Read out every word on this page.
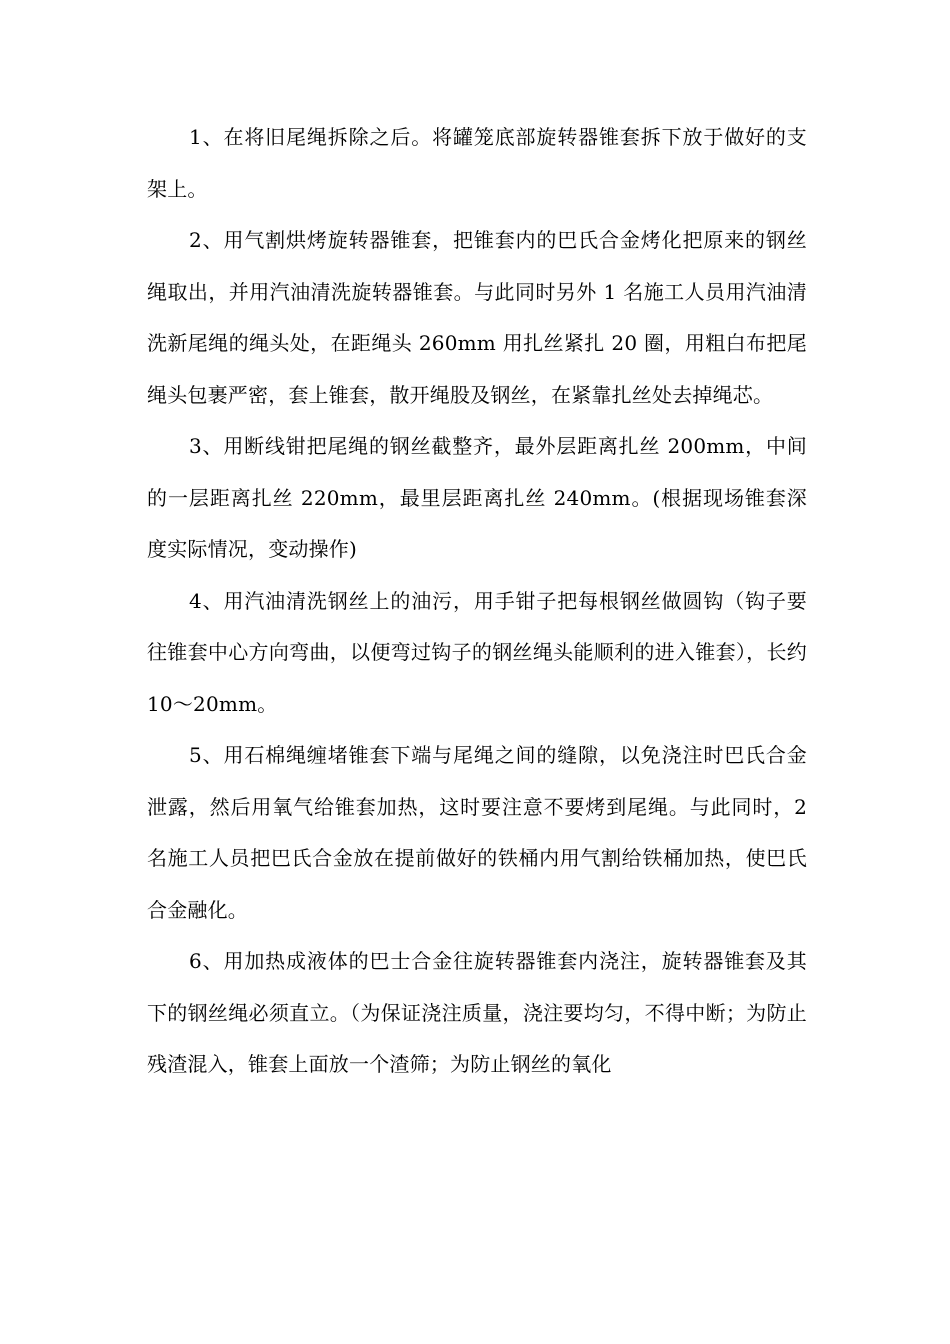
1、在将旧尾绳拆除之后。将罐笼底部旋转器锥套拆下放于做好的支架上。

2、用气割烘烤旋转器锥套，把锥套内的巴氏合金烤化把原来的钢丝绳取出，并用汽油清洗旋转器锥套。与此同时另外 1 名施工人员用汽油清洗新尾绳的绳头处，在距绳头 260mm 用扎丝紧扎 20 圈，用粗白布把尾绳头包裹严密，套上锥套，散开绳股及钢丝，在紧靠扎丝处去掉绳芯。

3、用断线钳把尾绳的钢丝截整齐，最外层距离扎丝 200mm，中间的一层距离扎丝 220mm，最里层距离扎丝 240mm。(根据现场锥套深度实际情况，变动操作)

4、用汽油清洗钢丝上的油污，用手钳子把每根钢丝做圆钩（钩子要往锥套中心方向弯曲，以便弯过钩子的钢丝绳头能顺利的进入锥套），长约 10～20mm。

5、用石棉绳缠堵锥套下端与尾绳之间的缝隙，以免浇注时巴氏合金泄露，然后用氧气给锥套加热，这时要注意不要烤到尾绳。与此同时，2 名施工人员把巴氏合金放在提前做好的铁桶内用气割给铁桶加热，使巴氏合金融化。

6、用加热成液体的巴士合金往旋转器锥套内浇注，旋转器锥套及其下的钢丝绳必须直立。（为保证浇注质量，浇注要均匀，不得中断；为防止残渣混入，锥套上面放一个渣筛；为防止钢丝的氧化
